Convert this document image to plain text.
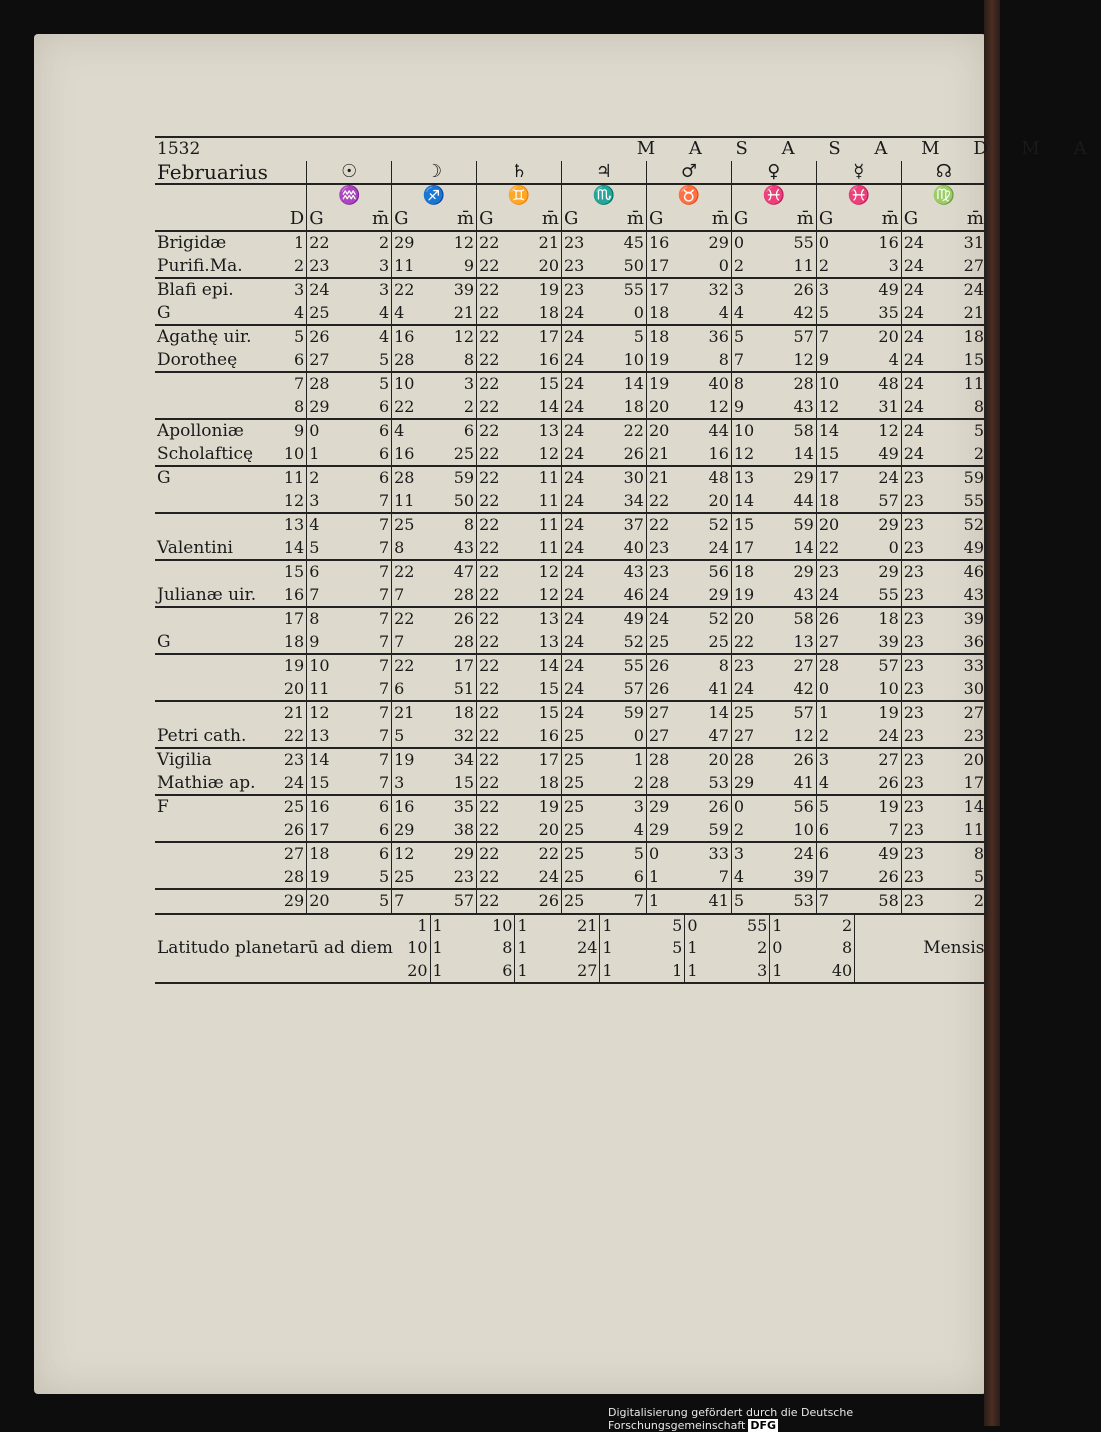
1532		M A S A S A M D M A															
Februarius		☉		☽		♄		♃		♂		♀		☿		☊	
		♒		♐		♊		♏		♉		♓		♓		♍	
D		G	m̄	G	m̄	G	m̄	G	m̄	G	m̄	G	m̄	G	m̄	G	m̄
Brigidæ	1	22	2	29	12	22	21	23	45	16	29	0	55	0	16	24	31
Purifi.Ma.	2	23	3	11	9	22	20	23	50	17	0	2	11	2	3	24	27
Blafi epi.	3	24	3	22	39	22	19	23	55	17	32	3	26	3	49	24	24
G	4	25	4	4	21	22	18	24	0	18	4	4	42	5	35	24	21
Agathę uir.	5	26	4	16	12	22	17	24	5	18	36	5	57	7	20	24	18
Dorotheę	6	27	5	28	8	22	16	24	10	19	8	7	12	9	4	24	15
	7	28	5	10	3	22	15	24	14	19	40	8	28	10	48	24	11
	8	29	6	22	2	22	14	24	18	20	12	9	43	12	31	24	8
Apolloniæ	9	0	6	4	6	22	13	24	22	20	44	10	58	14	12	24	5
Scholafticę	10	1	6	16	25	22	12	24	26	21	16	12	14	15	49	24	2
G	11	2	6	28	59	22	11	24	30	21	48	13	29	17	24	23	59
	12	3	7	11	50	22	11	24	34	22	20	14	44	18	57	23	55
	13	4	7	25	8	22	11	24	37	22	52	15	59	20	29	23	52
Valentini	14	5	7	8	43	22	11	24	40	23	24	17	14	22	0	23	49
	15	6	7	22	47	22	12	24	43	23	56	18	29	23	29	23	46
Julianæ uir.	16	7	7	7	28	22	12	24	46	24	29	19	43	24	55	23	43
	17	8	7	22	26	22	13	24	49	24	52	20	58	26	18	23	39
G	18	9	7	7	28	22	13	24	52	25	25	22	13	27	39	23	36
	19	10	7	22	17	22	14	24	55	26	8	23	27	28	57	23	33
	20	11	7	6	51	22	15	24	57	26	41	24	42	0	10	23	30
	21	12	7	21	18	22	15	24	59	27	14	25	57	1	19	23	27
Petri cath.	22	13	7	5	32	22	16	25	0	27	47	27	12	2	24	23	23
Vigilia	23	14	7	19	34	22	17	25	1	28	20	28	26	3	27	23	20
Mathiæ ap.	24	15	7	3	15	22	18	25	2	28	53	29	41	4	26	23	17
F	25	16	6	16	35	22	19	25	3	29	26	0	56	5	19	23	14
	26	17	6	29	38	22	20	25	4	29	59	2	10	6	7	23	11
	27	18	6	12	29	22	22	25	5	0	33	3	24	6	49	23	8
	28	19	5	25	23	22	24	25	6	1	7	4	39	7	26	23	5
	29	20	5	7	57	22	26	25	7	1	41	5	53	7	58	23	2
				1	1	10	1	21	1	5	0	55	1	2			
Latitudo planetarū ad diem				10	1	8	1	24	1	5	1	2	0	8	Mensis		
				20	1	6	1	27	1	1	1	3	1	40			

Digitalisierung gefördert durch die Deutsche Forschungsgemeinschaft DFG
